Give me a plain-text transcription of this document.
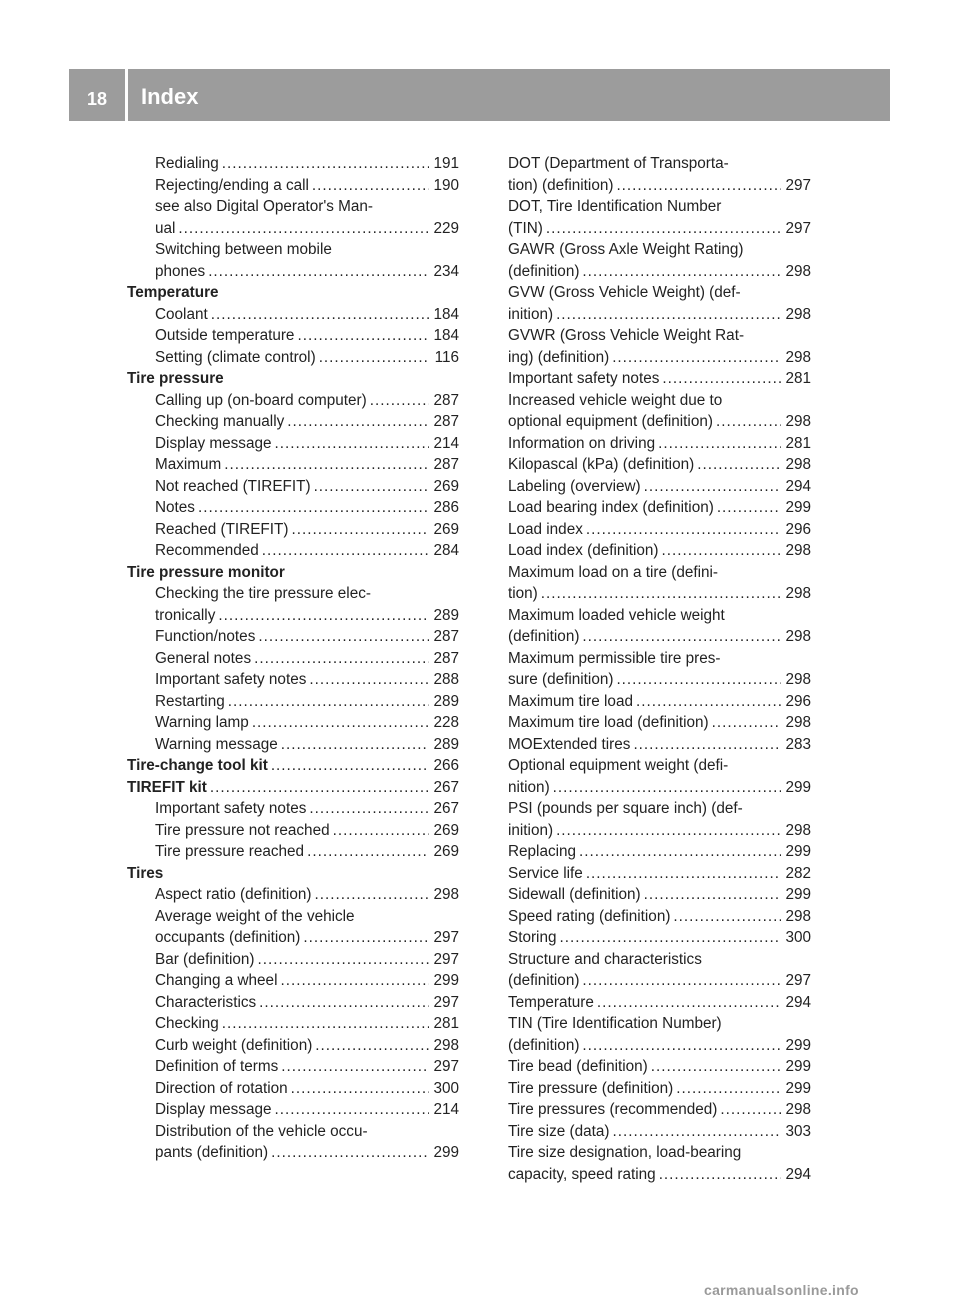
18	Index
Redialing .....	191
Rejecting/ending a call .....	190
see also Digital Operator's Man-
ual .....	229
Switching between mobile
phones .....	234
Temperature
Coolant .....	184
Outside temperature .....	184
Setting (climate control) .....	116
Tire pressure
Calling up (on-board computer) .....	287
Checking manually .....	287
Display message .....	214
Maximum .....	287
Not reached (TIREFIT) .....	269
Notes .....	286
Reached (TIREFIT) .....	269
Recommended .....	284
Tire pressure monitor
Checking the tire pressure elec-
tronically .....	289
Function/notes .....	287
General notes .....	287
Important safety notes .....	288
Restarting .....	289
Warning lamp .....	228
Warning message .....	289
Tire-change tool kit .....	266
TIREFIT kit .....	267
Important safety notes .....	267
Tire pressure not reached .....	269
Tire pressure reached .....	269
Tires
Aspect ratio (definition) .....	298
Average weight of the vehicle
occupants (definition) .....	297
Bar (definition) .....	297
Changing a wheel .....	299
Characteristics .....	297
Checking .....	281
Curb weight (definition) .....	298
Definition of terms .....	297
Direction of rotation .....	300
Display message .....	214
Distribution of the vehicle occu-
pants (definition) .....	299
DOT (Department of Transporta-
tion) (definition) .....	297
DOT, Tire Identification Number
(TIN) .....	297
GAWR (Gross Axle Weight Rating)
(definition) .....	298
GVW (Gross Vehicle Weight) (def-
inition) .....	298
GVWR (Gross Vehicle Weight Rat-
ing) (definition) .....	298
Important safety notes .....	281
Increased vehicle weight due to
optional equipment (definition) .....	298
Information on driving .....	281
Kilopascal (kPa) (definition) .....	298
Labeling (overview) .....	294
Load bearing index (definition) .....	299
Load index .....	296
Load index (definition) .....	298
Maximum load on a tire (defini-
tion) .....	298
Maximum loaded vehicle weight
(definition) .....	298
Maximum permissible tire pres-
sure (definition) .....	298
Maximum tire load .....	296
Maximum tire load (definition) .....	298
MOExtended tires .....	283
Optional equipment weight (defi-
nition) .....	299
PSI (pounds per square inch) (def-
inition) .....	298
Replacing .....	299
Service life .....	282
Sidewall (definition) .....	299
Speed rating (definition) .....	298
Storing .....	300
Structure and characteristics
(definition) .....	297
Temperature .....	294
TIN (Tire Identification Number)
(definition) .....	299
Tire bead (definition) .....	299
Tire pressure (definition) .....	299
Tire pressures (recommended) .....	298
Tire size (data) .....	303
Tire size designation, load-bearing
capacity, speed rating .....	294
carmanualsonline.info
